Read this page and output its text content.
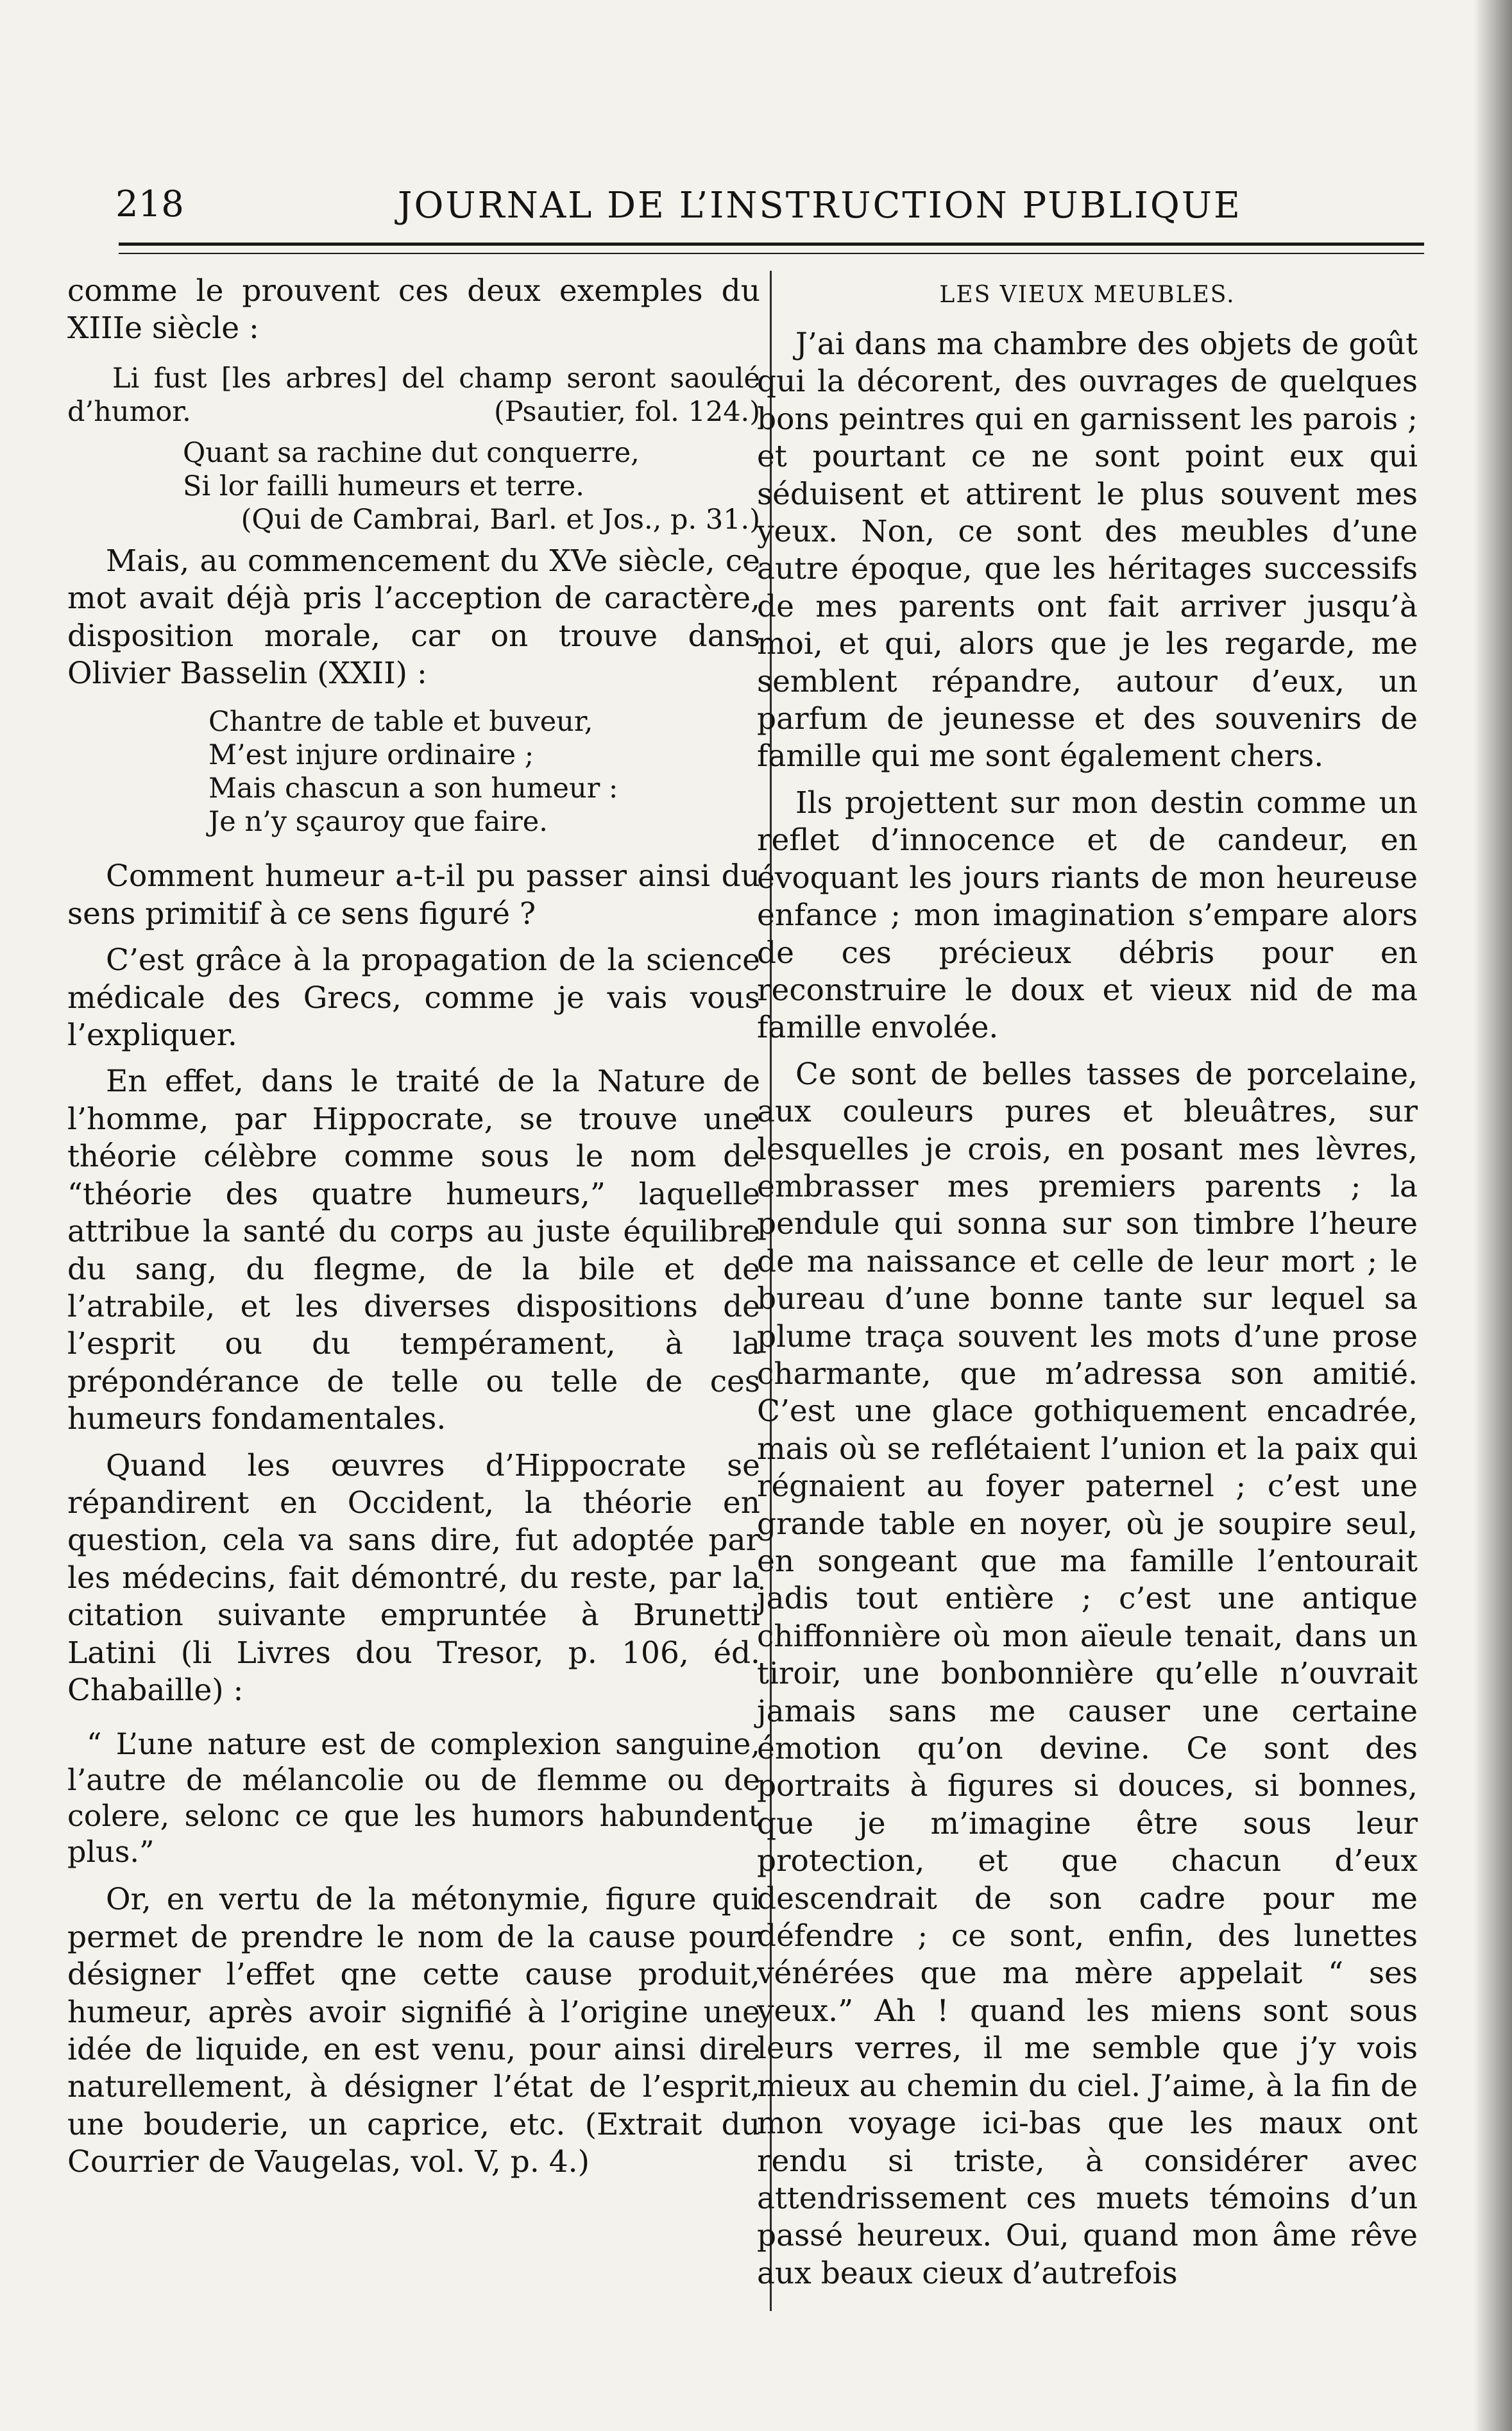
218	JOURNAL DE L’INSTRUCTION PUBLIQUE

comme le prouvent ces deux exemples du XIIIe siècle :

Li fust [les arbres] del champ seront saoulé d’humor.	(Psautier, fol. 124.)

Quant sa rachine dut conquerre,
Si lor failli humeurs et terre.
(Qui de Cambrai, Barl. et Jos., p. 31.)

Mais, au commencement du XVe siècle, ce mot avait déjà pris l’acception de caractère, disposition morale, car on trouve dans Olivier Basselin (XXII) :

Chantre de table et buveur,
M’est injure ordinaire ;
Mais chascun a son humeur :
Je n’y sçauroy que faire.

Comment humeur a-t-il pu passer ainsi du sens primitif à ce sens figuré ?

C’est grâce à la propagation de la science médicale des Grecs, comme je vais vous l’expliquer.

En effet, dans le traité de la Nature de l’homme, par Hippocrate, se trouve une théorie célèbre comme sous le nom de “théorie des quatre humeurs,” laquelle attribue la santé du corps au juste équilibre du sang, du flegme, de la bile et de l’atrabile, et les diverses dispositions de l’esprit ou du tempérament, à la prépondérance de telle ou telle de ces humeurs fondamentales.

Quand les œuvres d’Hippocrate se répandirent en Occident, la théorie en question, cela va sans dire, fut adoptée par les médecins, fait démontré, du reste, par la citation suivante empruntée à Brunetti Latini (li Livres dou Tresor, p. 106, éd. Chabaille) :

“ L’une nature est de complexion sanguine, l’autre de mélancolie ou de flemme ou de colere, selonc ce que les humors habundent plus.”

Or, en vertu de la métonymie, figure qui permet de prendre le nom de la cause pour désigner l’effet qne cette cause produit, humeur, après avoir signifié à l’origine une idée de liquide, en est venu, pour ainsi dire naturellement, à désigner l’état de l’esprit, une bouderie, un caprice, etc. (Extrait du Courrier de Vaugelas, vol. V, p. 4.)

LES VIEUX MEUBLES.

J’ai dans ma chambre des objets de goût qui la décorent, des ouvrages de quelques bons peintres qui en garnissent les parois ; et pourtant ce ne sont point eux qui séduisent et attirent le plus souvent mes yeux. Non, ce sont des meubles d’une autre époque, que les héritages successifs de mes parents ont fait arriver jusqu’à moi, et qui, alors que je les regarde, me semblent répandre, autour d’eux, un parfum de jeunesse et des souvenirs de famille qui me sont également chers.

Ils projettent sur mon destin comme un reflet d’innocence et de candeur, en évoquant les jours riants de mon heureuse enfance ; mon imagination s’empare alors de ces précieux débris pour en reconstruire le doux et vieux nid de ma famille envolée.

Ce sont de belles tasses de porcelaine, aux couleurs pures et bleuâtres, sur lesquelles je crois, en posant mes lèvres, embrasser mes premiers parents ; la pendule qui sonna sur son timbre l’heure de ma naissance et celle de leur mort ; le bureau d’une bonne tante sur lequel sa plume traça souvent les mots d’une prose charmante, que m’adressa son amitié. C’est une glace gothiquement encadrée, mais où se reflétaient l’union et la paix qui régnaient au foyer paternel ; c’est une grande table en noyer, où je soupire seul, en songeant que ma famille l’entourait jadis tout entière ; c’est une antique chiffonnière où mon aïeule tenait, dans un tiroir, une bonbonnière qu’elle n’ouvrait jamais sans me causer une certaine émotion qu’on devine. Ce sont des portraits à figures si douces, si bonnes, que je m’imagine être sous leur protection, et que chacun d’eux descendrait de son cadre pour me défendre ; ce sont, enfin, des lunettes vénérées que ma mère appelait “ ses yeux.” Ah ! quand les miens sont sous leurs verres, il me semble que j’y vois mieux au chemin du ciel. J’aime, à la fin de mon voyage ici-bas que les maux ont rendu si triste, à considérer avec attendrissement ces muets témoins d’un passé heureux. Oui, quand mon âme rêve aux beaux cieux d’autrefois
